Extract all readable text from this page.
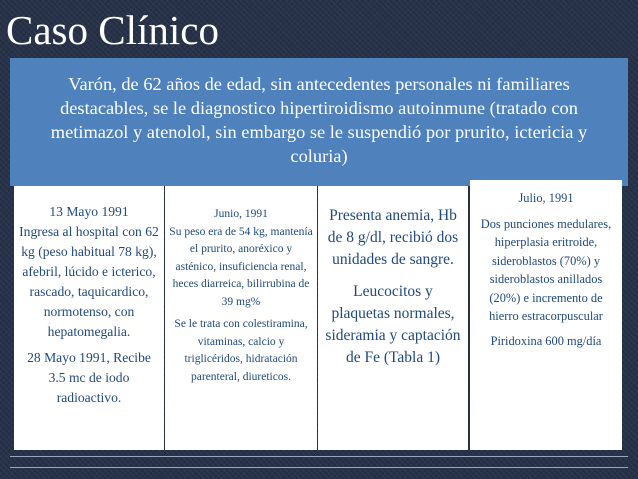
Caso Clínico

Varón, de 62 años de edad, sin antecedentes personales ni familiares destacables, se le diagnostico hipertiroidismo autoinmune (tratado con metimazol y atenolol, sin embargo se le suspendió por prurito, ictericia y coluria)

13 Mayo 1991
Ingresa al hospital con 62 kg (peso habitual 78 kg), afebril, lúcido e icterico, rascado, taquicardico, normotenso, con hepatomegalia.
28 Mayo 1991, Recibe 3.5 mc de iodo radioactivo.
Junio, 1991
Su peso era de 54 kg, mantenía el prurito, anoréxico y asténico, insuficiencia renal, heces diarreica, bilirrubina de 39 mg%
Se le trata con colestiramina, vitaminas, calcio y triglicéridos, hidratación parenteral, diureticos.
Presenta anemia, Hb de 8 g/dl, recibió dos unidades de sangre.
Leucocitos y plaquetas normales, sideramia y captación de Fe (Tabla 1)
Julio, 1991
Dos punciones medulares, hiperplasia eritroide, sideroblastos (70%) y sideroblastos anillados (20%) e incremento de hierro estracorpuscular
Piridoxina 600 mg/día
